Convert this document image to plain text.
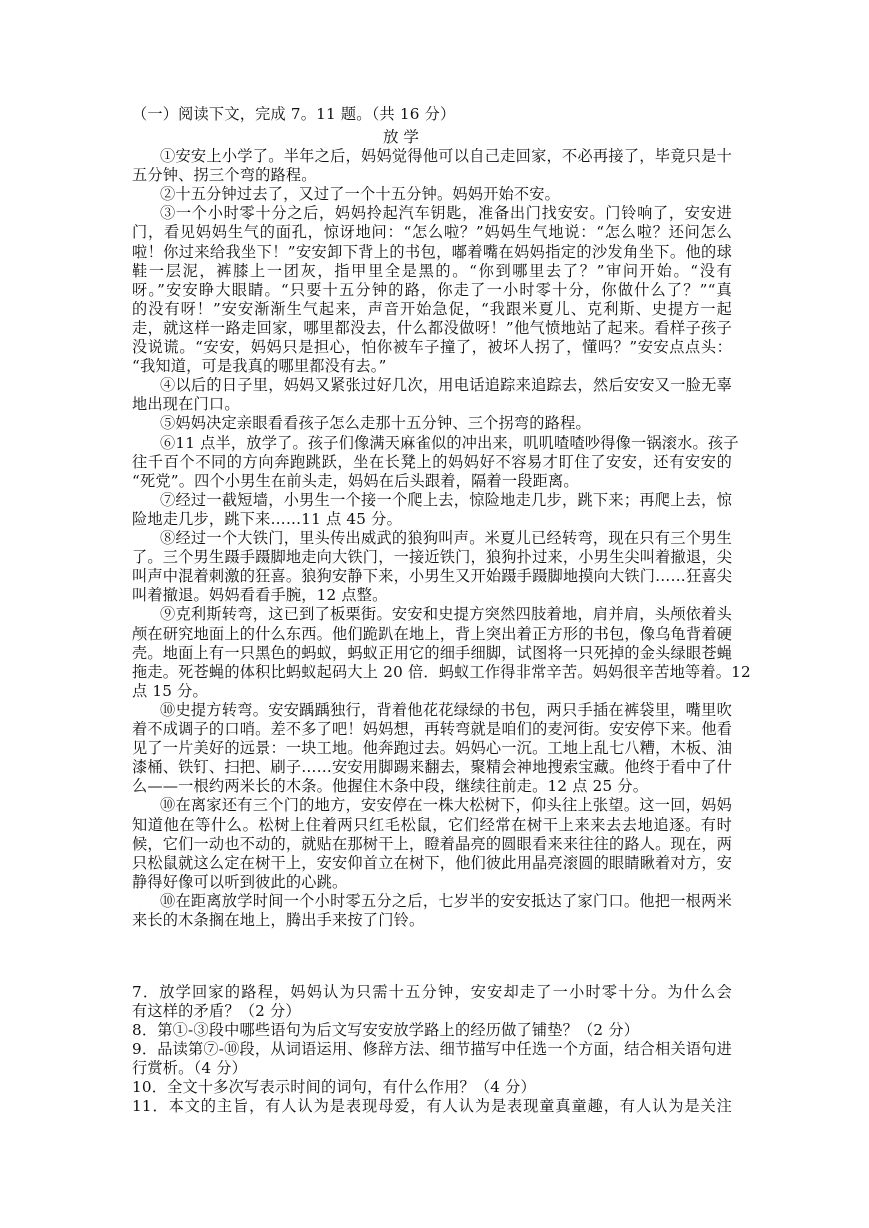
（一）阅读下文，完成 7。11 题。（共 16 分）
放 学
①安安上小学了。半年之后，妈妈觉得他可以自己走回家，不必再接了，毕竟只是十
五分钟、拐三个弯的路程。
②十五分钟过去了，又过了一个十五分钟。妈妈开始不安。
③一个小时零十分之后，妈妈拎起汽车钥匙，准备出门找安安。门铃响了，安安进
门，看见妈妈生气的面孔，惊讶地问：“怎么啦？”妈妈生气地说：“怎么啦？还问怎么
啦！你过来给我坐下！”安安卸下背上的书包，嘟着嘴在妈妈指定的沙发角坐下。他的球
鞋一层泥，裤膝上一团灰，指甲里全是黑的。“你到哪里去了？”审问开始。“没有
呀。”安安睁大眼睛。“只要十五分钟的路，你走了一小时零十分，你做什么了？”“真
的没有呀！”安安渐渐生气起来，声音开始急促，“我跟米夏儿、克利斯、史提方一起
走，就这样一路走回家，哪里都没去，什么都没做呀！”他气愤地站了起来。看样子孩子
没说谎。“安安，妈妈只是担心，怕你被车子撞了，被坏人拐了，懂吗？”安安点点头：
“我知道，可是我真的哪里都没有去。”
④以后的日子里，妈妈又紧张过好几次，用电话追踪来追踪去，然后安安又一脸无辜
地出现在门口。
⑤妈妈决定亲眼看看孩子怎么走那十五分钟、三个拐弯的路程。
⑥11 点半，放学了。孩子们像满天麻雀似的冲出来，叽叽喳喳吵得像一锅滚水。孩子
往千百个不同的方向奔跑跳跃，坐在长凳上的妈妈好不容易才盯住了安安，还有安安的
“死党”。四个小男生在前头走，妈妈在后头跟着，隔着一段距离。
⑦经过一截短墙，小男生一个接一个爬上去，惊险地走几步，跳下来；再爬上去，惊
险地走几步，跳下来……11 点 45 分。
⑧经过一个大铁门，里头传出威武的狼狗叫声。米夏儿已经转弯，现在只有三个男生
了。三个男生蹑手蹑脚地走向大铁门，一接近铁门，狼狗扑过来，小男生尖叫着撤退，尖
叫声中混着刺激的狂喜。狼狗安静下来，小男生又开始蹑手蹑脚地摸向大铁门……狂喜尖
叫着撤退。妈妈看看手腕，12 点整。
⑨克利斯转弯，这已到了板栗街。安安和史提方突然四肢着地，肩并肩，头颅依着头
颅在研究地面上的什么东西。他们跪趴在地上，背上突出着正方形的书包，像乌龟背着硬
壳。地面上有一只黑色的蚂蚁，蚂蚁正用它的细手细脚，试图将一只死掉的金头绿眼苍蝇
拖走。死苍蝇的体积比蚂蚁起码大上 20 倍．蚂蚁工作得非常辛苦。妈妈很辛苦地等着。12
点 15 分。
⑩史提方转弯。安安踽踽独行，背着他花花绿绿的书包，两只手插在裤袋里，嘴里吹
着不成调子的口哨。差不多了吧！妈妈想，再转弯就是咱们的麦河街。安安停下来。他看
见了一片美好的远景：一块工地。他奔跑过去。妈妈心一沉。工地上乱七八糟，木板、油
漆桶、铁钉、扫把、刷子……安安用脚踢来翻去，聚精会神地搜索宝藏。他终于看中了什
么——一根约两米长的木条。他握住木条中段，继续往前走。12 点 25 分。
⑩在离家还有三个门的地方，安安停在一株大松树下，仰头往上张望。这一回，妈妈
知道他在等什么。松树上住着两只红毛松鼠，它们经常在树干上来来去去地追逐。有时
候，它们一动也不动的，就贴在那树干上，瞪着晶亮的圆眼看来来往往的路人。现在，两
只松鼠就这么定在树干上，安安仰首立在树下，他们彼此用晶亮滚圆的眼睛瞅着对方，安
静得好像可以听到彼此的心跳。
⑩在距离放学时间一个小时零五分之后，七岁半的安安抵达了家门口。他把一根两米
来长的木条搁在地上，腾出手来按了门铃。
7．放学回家的路程，妈妈认为只需十五分钟，安安却走了一小时零十分。为什么会
有这样的矛盾？（2 分）
8．第①-③段中哪些语句为后文写安安放学路上的经历做了铺垫？（2 分）
9．品读第⑦-⑩段，从词语运用、修辞方法、细节描写中任选一个方面，结合相关语句进
行赏析。（4 分）
10．全文十多次写表示时间的词句，有什么作用？（4 分）
11．本文的主旨，有人认为是表现母爱，有人认为是表现童真童趣，有人认为是关注
